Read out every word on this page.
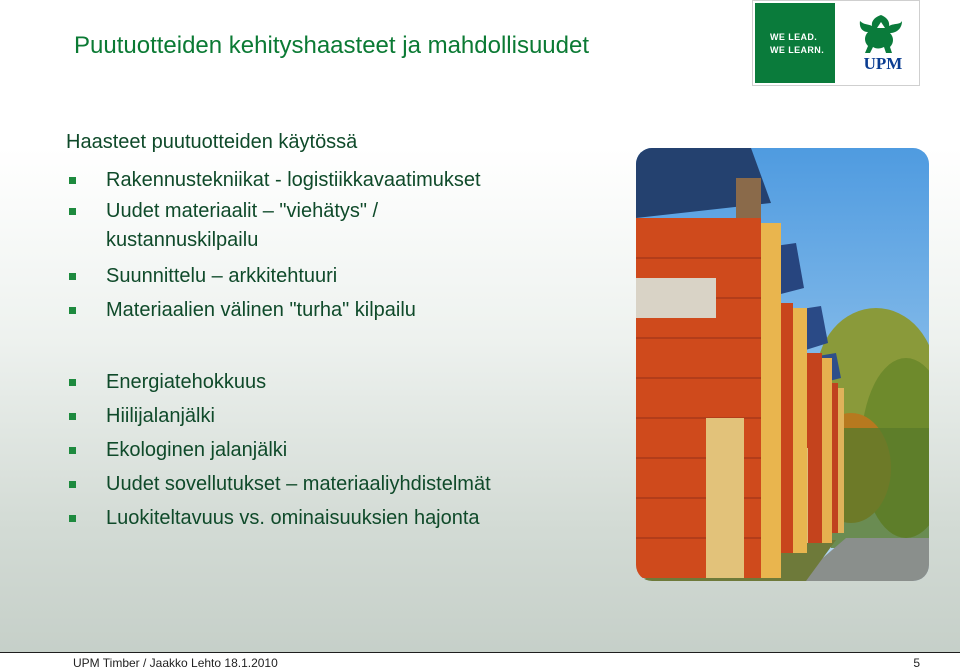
Puutuotteiden kehityshaasteet ja mahdollisuudet	WE LEAD.
WE LEARN.
UPM
Haasteet puutuotteiden käytössä
Rakennustekniikat - logistiikkavaatimukset
Uudet materiaalit – "viehätys" / kustannuskilpailu
Suunnittelu – arkkitehtuuri
Materiaalien välinen "turha" kilpailu
Energiatehokkuus
Hiilijalanjälki
Ekologinen jalanjälki
Uudet sovellutukset – materiaaliyhdistelmät
Luokiteltavuus vs. ominaisuuksien hajonta
UPM Timber / Jaakko Lehto 18.1.2010	5
